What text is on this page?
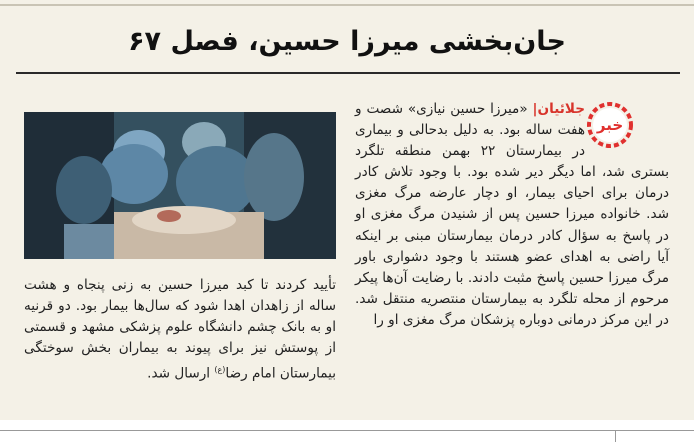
جان‌بخشی میرزا حسین، فصل ۶۷
خبر
جلائیان| «میرزا حسین نیازی» شصت و هفت ساله بود. به دلیل بدحالی و بیماری در بیمارستان ۲۲ بهمن منطقه تلگرد بستری شد، اما دیگر دیر شده بود. با وجود تلاش کادر درمان برای احیای بیمار، او دچار عارضه مرگ مغزی شد. خانواده میرزا حسین پس از شنیدن مرگ مغزی او در پاسخ به سؤال کادر درمان بیمارستان مبنی بر اینکه آیا راضی به اهدای عضو هستند با وجود دشواری باور مرگ میرزا حسین پاسخ مثبت دادند. با رضایت آن‌ها پیکر مرحوم از محله تلگرد به بیمارستان منتصریه منتقل شد. در این مرکز درمانی دوباره پزشکان مرگ مغزی او را
تأیید کردند تا کبد میرزا حسین به زنی پنجاه و هشت ساله از زاهدان اهدا شود که سال‌ها بیمار بود. دو قرنیه او به بانک چشم دانشگاه علوم پزشکی مشهد و قسمتی از پوستش نیز برای پیوند به بیماران بخش سوختگی بیمارستان امام رضا$^{(ع)}$ ارسال شد.
